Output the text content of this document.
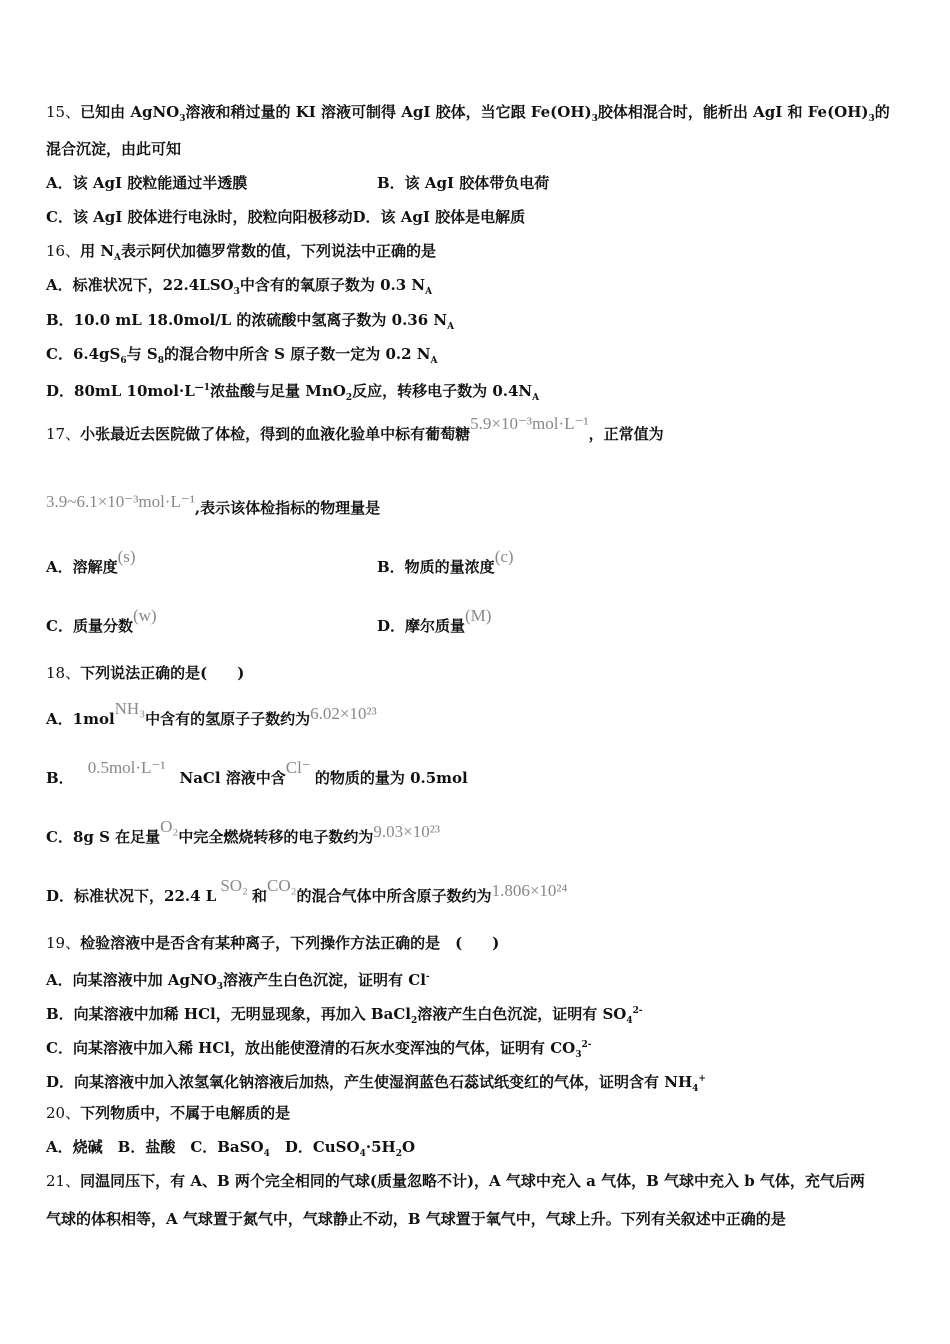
15、已知由 AgNO$_3$溶液和稍过量的 KI 溶液可制得 AgI 胶体，当它跟 $Fe(OH)_3$胶体相混合时，能析出 AgI 和 $Fe(OH)_3$的
混合沉淀，由此可知
A．该 AgI 胶粒能通过半透膜	B．该 AgI 胶体带负电荷
C．该 AgI 胶体进行电泳时，胶粒向阳极移动D．该 AgI 胶体是电解质
16、用 $N_A$表示阿伏加德罗常数的值，下列说法中正确的是
A．标准状况下，$22.4LSO_3$中含有的氧原子数为 0.3 $N_A$
B．10.0 mL 18.0mol/L 的浓硫酸中氢离子数为 0.36 $N_A$
C．$6.4gS_6$与 $S_8$的混合物中所含 S 原子数一定为 0.2 $N_A$
D．80mL $10mol\cdot L^{—1}$浓盐酸与足量 MnO$_2$反应，转移电子数为 $0.4N_A$
17、小张最近去医院做了体检，得到的血液化验单中标有葡萄糖5.9×10⁻³mol·L⁻¹，正常值为
3.9~6.1×10⁻³mol·L⁻¹,表示该体检指标的物理量是
A．溶解度(s)
B．物质的量浓度(c)
C．质量分数(w)
D．摩尔质量(M)
18、下列说法正确的是(　　)
A．1molNH₃中含有的氢原子子数约为6.02×10²³
B．0.5mol·L⁻¹NaCl 溶液中含Cl⁻的物质的量为 0.5mol
C．8g S 在足量O₂中完全燃烧转移的电子数约为9.03×10²³
D．标准状况下，22.4 LSO₂和CO₂的混合气体中所含原子数约为1.806×10²⁴
19、检验溶液中是否含有某种离子，下列操作方法正确的是　(　　)
A．向某溶液中加 AgNO$_3$溶液产生白色沉淀，证明有 Cl-
B．向某溶液中加稀 HCl，无明显现象，再加入 BaCl$_2$溶液产生白色沉淀，证明有 $SO_4^{2-}$
C．向某溶液中加入稀 HCl，放出能使澄清的石灰水变浑浊的气体，证明有 $CO_3^{2-}$
D．向某溶液中加入浓氢氧化钠溶液后加热，产生使湿润蓝色石蕊试纸变红的气体，证明含有 $NH_4^+$
20、下列物质中，不属于电解质的是
A．烧碱　B．盐酸　C．BaSO$_4$　D．$CuSO_4\cdot 5H_2O$
21、同温同压下，有 A、B 两个完全相同的气球(质量忽略不计)，A 气球中充入 a 气体，B 气球中充入 b 气体，充气后两
气球的体积相等，A 气球置于氮气中，气球静止不动，B 气球置于氧气中，气球上升。下列有关叙述中正确的是
